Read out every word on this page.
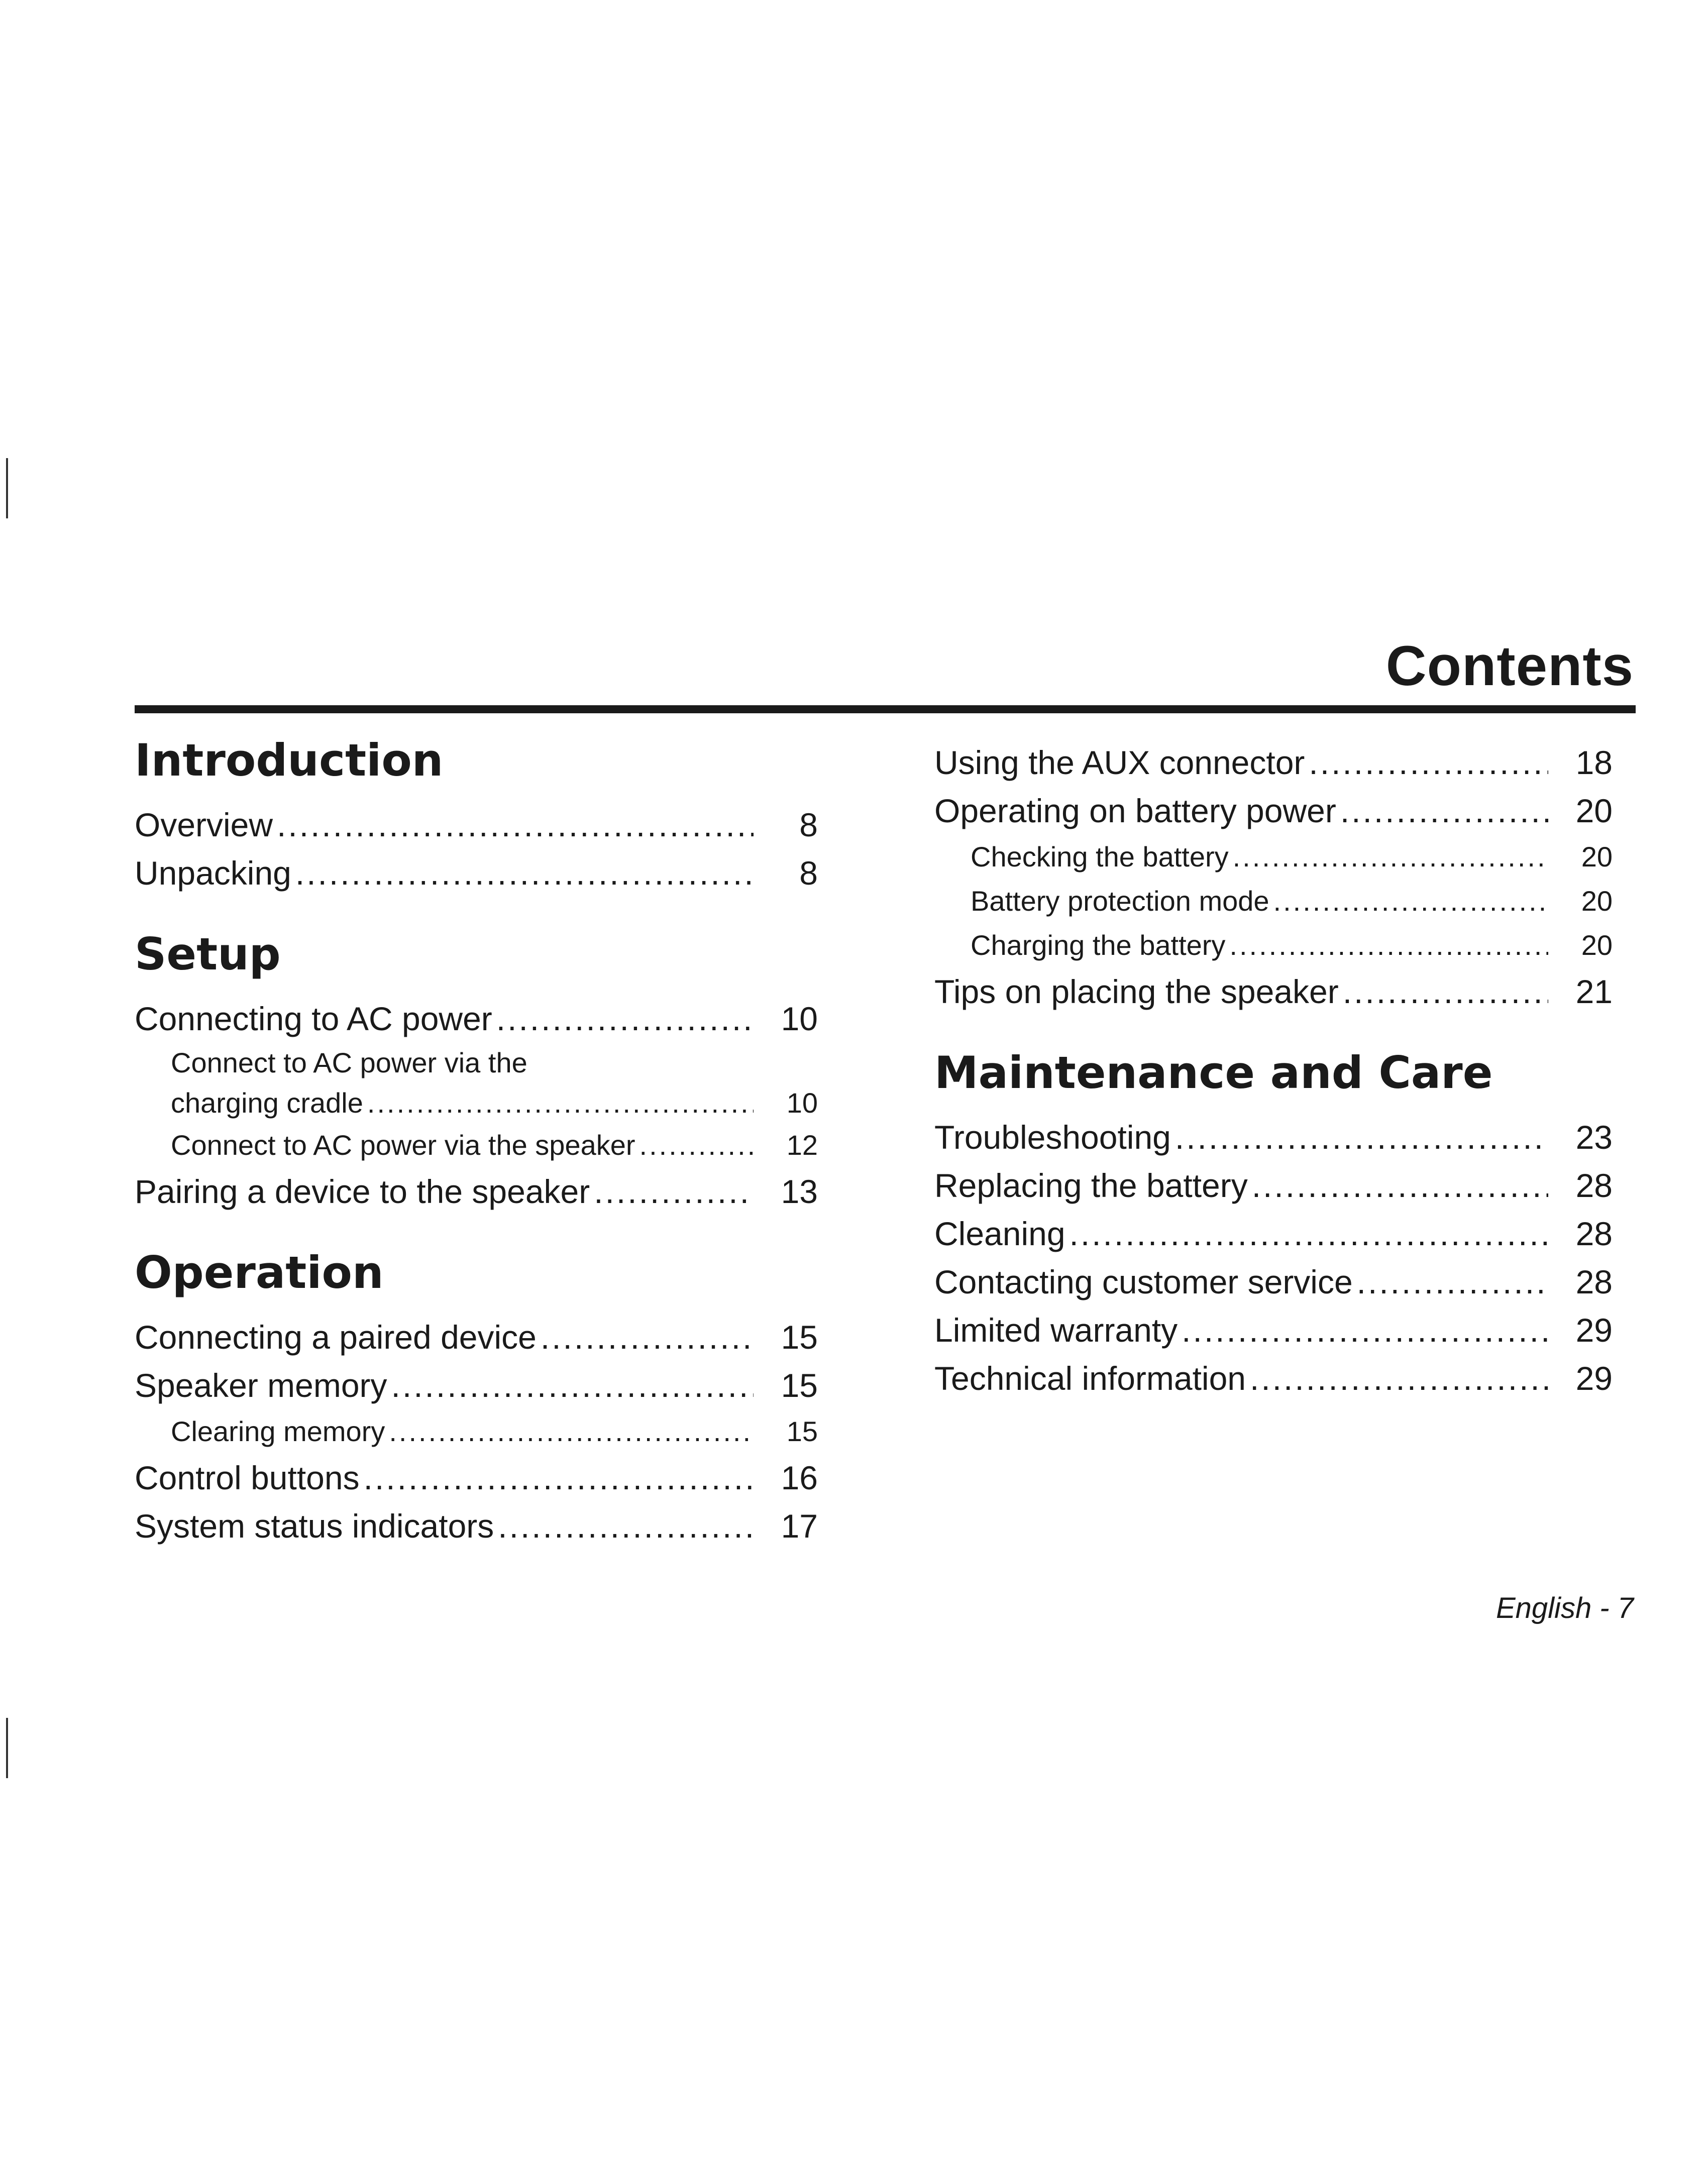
Contents
Introduction
Overview .....	8
Unpacking .....	8
Setup
Connecting to AC power .....	10
Connect to AC power via the
charging cradle .....	10
Connect to AC power via the speaker .....	12
Pairing a device to the speaker .....	13
Operation
Connecting a paired device .....	15
Speaker memory .....	15
Clearing memory .....	15
Control buttons .....	16
System status indicators .....	17
Using the AUX connector .....	18
Operating on battery power .....	20
Checking the battery .....	20
Battery protection mode .....	20
Charging the battery .....	20
Tips on placing the speaker .....	21
Maintenance and Care
Troubleshooting .....	23
Replacing the battery .....	28
Cleaning .....	28
Contacting customer service .....	28
Limited warranty .....	29
Technical information .....	29
English - 7
